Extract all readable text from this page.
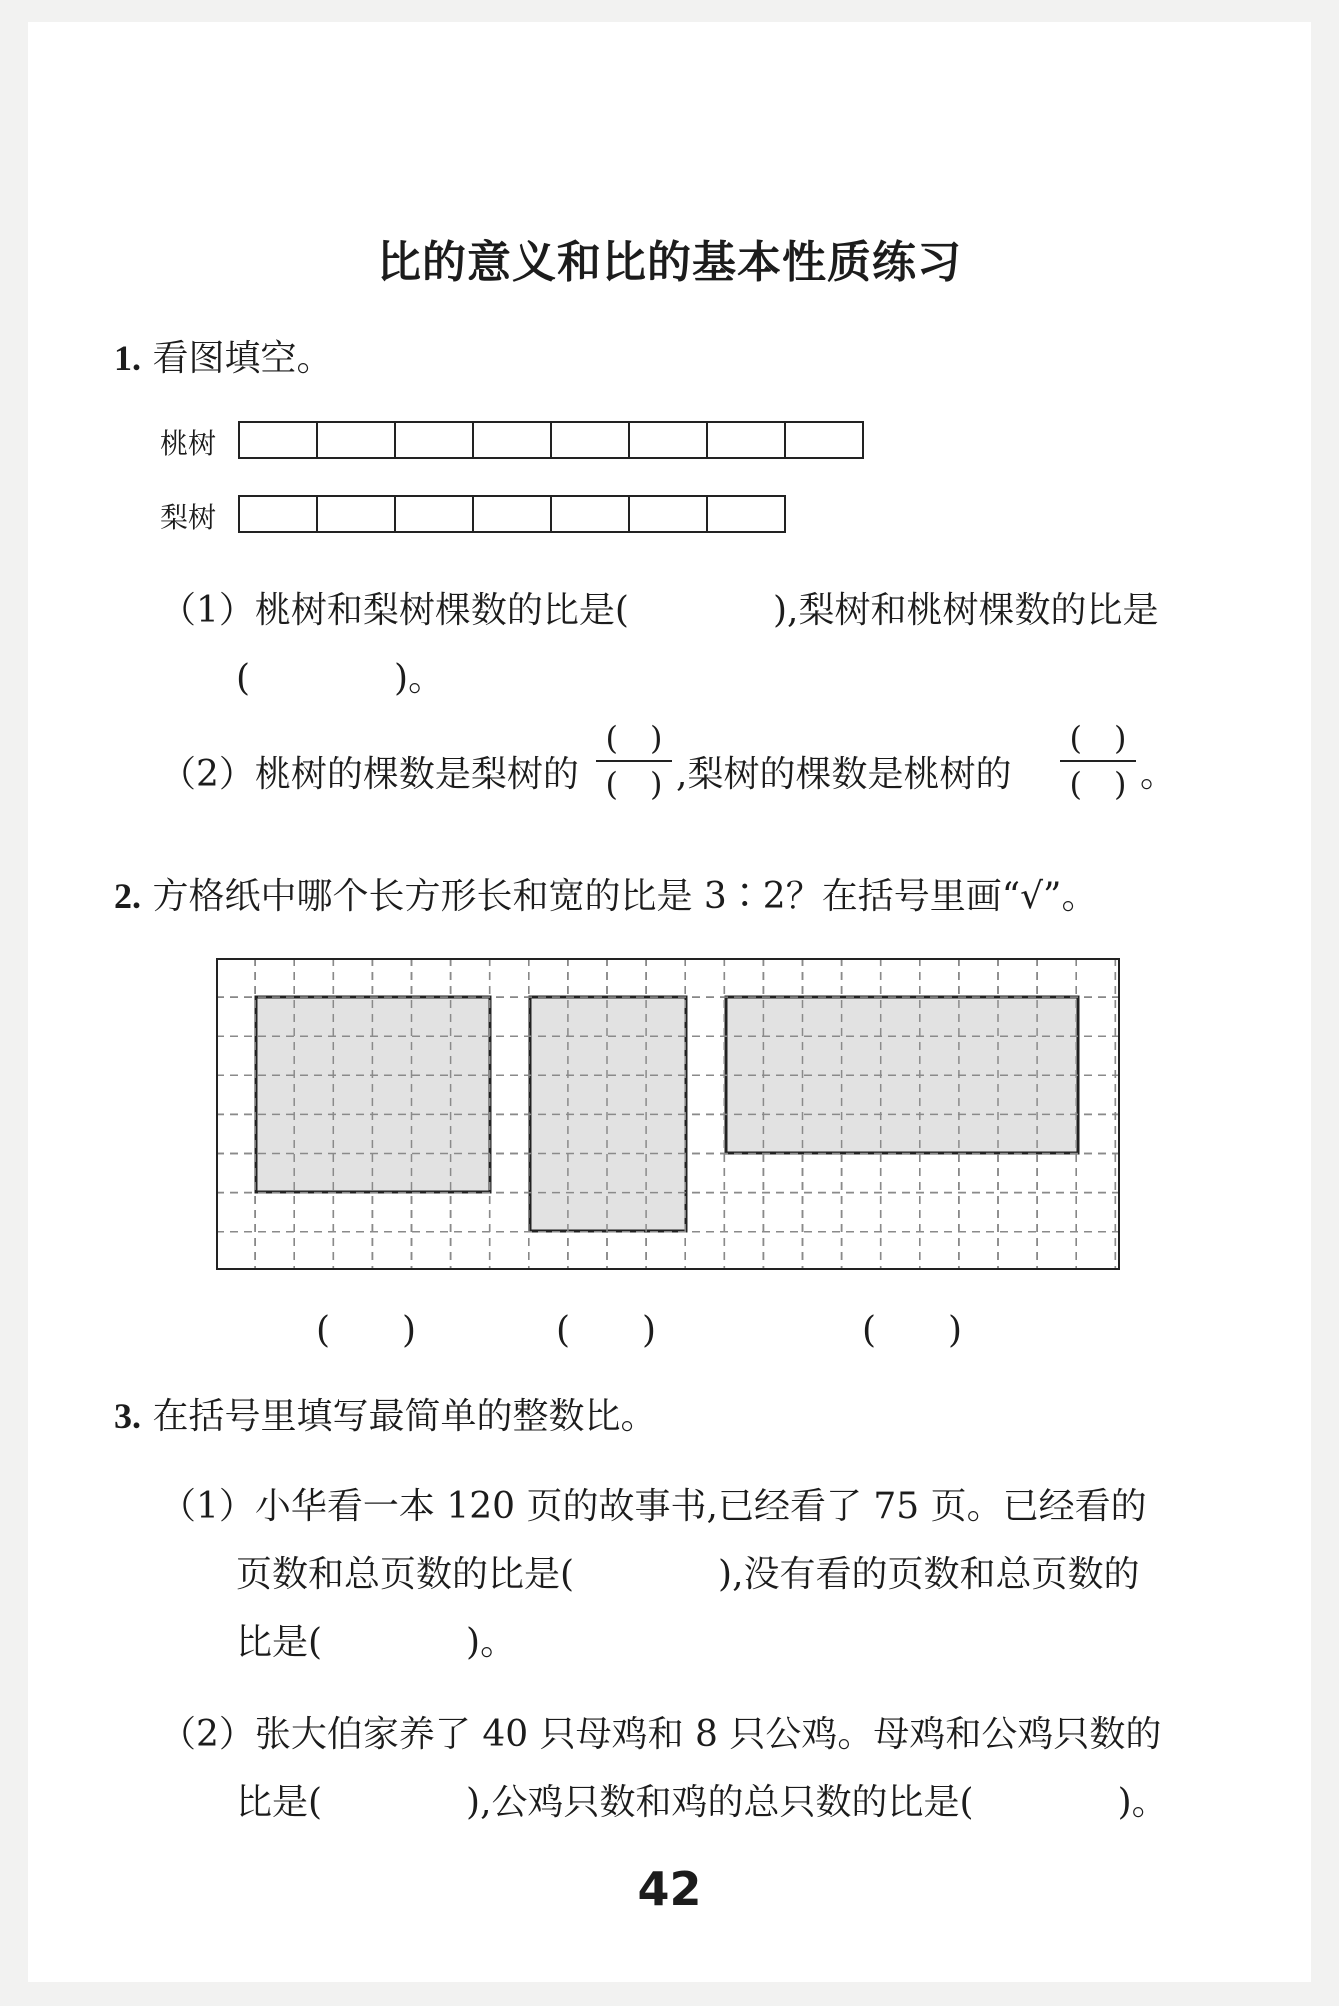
比的意义和比的基本性质练习
1. 看图填空。
桃树
梨树
（1）桃树和梨树棵数的比是(　　　　),梨树和桃树棵数的比是
(　　　　)。
（2）桃树的棵数是梨树的
(　)
(　) ,梨树的棵数是桃树的
(　)
(　) 。
2. 方格纸中哪个长方形长和宽的比是 3∶2？在括号里画“√”。
(　　)	(　　)	(　　)
3. 在括号里填写最简单的整数比。
（1）小华看一本 120 页的故事书,已经看了 75 页。已经看的
页数和总页数的比是(　　　　),没有看的页数和总页数的
比是(　　　　)。
（2）张大伯家养了 40 只母鸡和 8 只公鸡。母鸡和公鸡只数的
比是(　　　　),公鸡只数和鸡的总只数的比是(　　　　)。
42
